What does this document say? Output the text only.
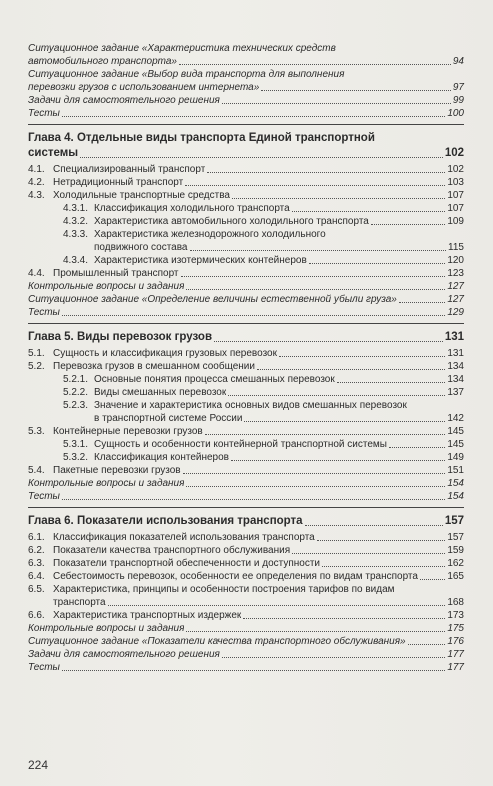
Ситуационное задание «Характеристика технических средств
автомобильного транспорта»	94
Ситуационное задание «Выбор вида транспорта для выполнения
перевозки грузов с использованием интернета»	97
Задачи для самостоятельного решения	99
Тесты	100
Глава 4. Отдельные виды транспорта Единой транспортной
системы	102
4.1. Специализированный транспорт	102
4.2. Нетрадиционный транспорт	103
4.3. Холодильные транспортные средства	107
4.3.1. Классификация холодильного транспорта	107
4.3.2. Характеристика автомобильного холодильного транспорта	109
4.3.3. Характеристика железнодорожного холодильного
подвижного состава	115
4.3.4. Характеристика изотермических контейнеров	120
4.4. Промышленный транспорт	123
Контрольные вопросы и задания	127
Ситуационное задание «Определение величины естественной убыли груза»	127
Тесты	129
Глава 5. Виды перевозок грузов	131
5.1. Сущность и классификация грузовых перевозок	131
5.2. Перевозка грузов в смешанном сообщении	134
5.2.1. Основные понятия процесса смешанных перевозок	134
5.2.2. Виды смешанных перевозок	137
5.2.3. Значение и характеристика основных видов смешанных перевозок
в транспортной системе России	142
5.3. Контейнерные перевозки грузов	145
5.3.1. Сущность и особенности контейнерной транспортной системы	145
5.3.2. Классификация контейнеров	149
5.4. Пакетные перевозки грузов	151
Контрольные вопросы и задания	154
Тесты	154
Глава 6. Показатели использования транспорта	157
6.1. Классификация показателей использования транспорта	157
6.2. Показатели качества транспортного обслуживания	159
6.3. Показатели транспортной обеспеченности и доступности	162
6.4. Себестоимость перевозок, особенности ее определения по видам транспорта	165
6.5. Характеристика, принципы и особенности построения тарифов по видам
транспорта	168
6.6. Характеристика транспортных издержек	173
Контрольные вопросы и задания	175
Ситуационное задание «Показатели качества транспортного обслуживания»	176
Задачи для самостоятельного решения	177
Тесты	177
224
